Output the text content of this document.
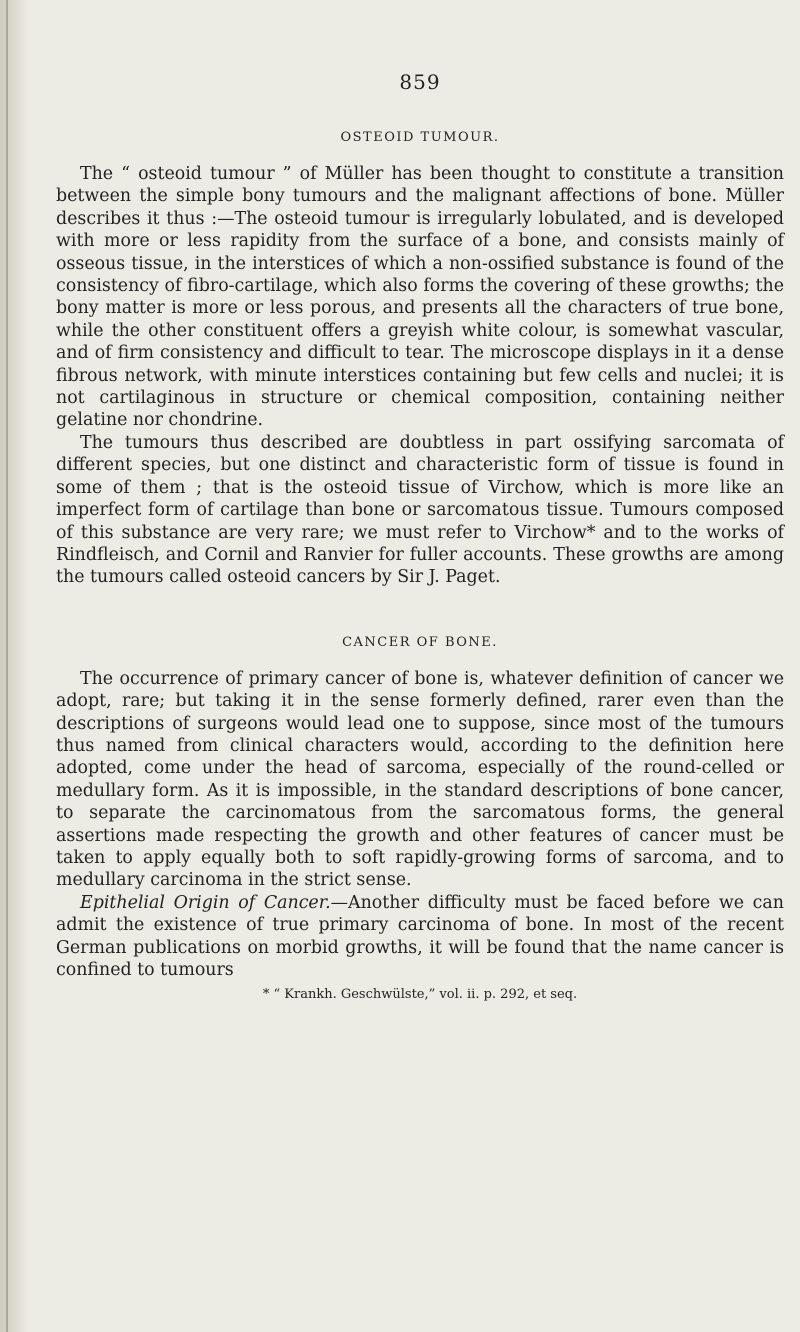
859
OSTEOID TUMOUR.

The “ osteoid tumour ” of Müller has been thought to constitute a transition between the simple bony tumours and the malignant affections of bone. Müller describes it thus :—The osteoid tumour is irregularly lobulated, and is developed with more or less rapidity from the surface of a bone, and consists mainly of osseous tissue, in the interstices of which a non-ossified substance is found of the consistency of fibro-cartilage, which also forms the covering of these growths; the bony matter is more or less porous, and presents all the characters of true bone, while the other constituent offers a greyish white colour, is somewhat vascular, and of firm consistency and difficult to tear. The microscope displays in it a dense fibrous network, with minute interstices containing but few cells and nuclei; it is not cartilaginous in structure or chemical composition, containing neither gelatine nor chondrine.

The tumours thus described are doubtless in part ossifying sarcomata of different species, but one distinct and characteristic form of tissue is found in some of them ; that is the osteoid tissue of Virchow, which is more like an imperfect form of cartilage than bone or sarcomatous tissue. Tumours composed of this substance are very rare; we must refer to Virchow* and to the works of Rindfleisch, and Cornil and Ranvier for fuller accounts. These growths are among the tumours called osteoid cancers by Sir J. Paget.

CANCER OF BONE.

The occurrence of primary cancer of bone is, whatever definition of cancer we adopt, rare; but taking it in the sense formerly defined, rarer even than the descriptions of surgeons would lead one to suppose, since most of the tumours thus named from clinical characters would, according to the definition here adopted, come under the head of sarcoma, especially of the round-celled or medullary form. As it is impossible, in the standard descriptions of bone cancer, to separate the carcinomatous from the sarcomatous forms, the general assertions made respecting the growth and other features of cancer must be taken to apply equally both to soft rapidly-growing forms of sarcoma, and to medullary carcinoma in the strict sense.

Epithelial Origin of Cancer.—Another difficulty must be faced before we can admit the existence of true primary carcinoma of bone. In most of the recent German publications on morbid growths, it will be found that the name cancer is confined to tumours

* “ Krankh. Geschwülste,” vol. ii. p. 292, et seq.
